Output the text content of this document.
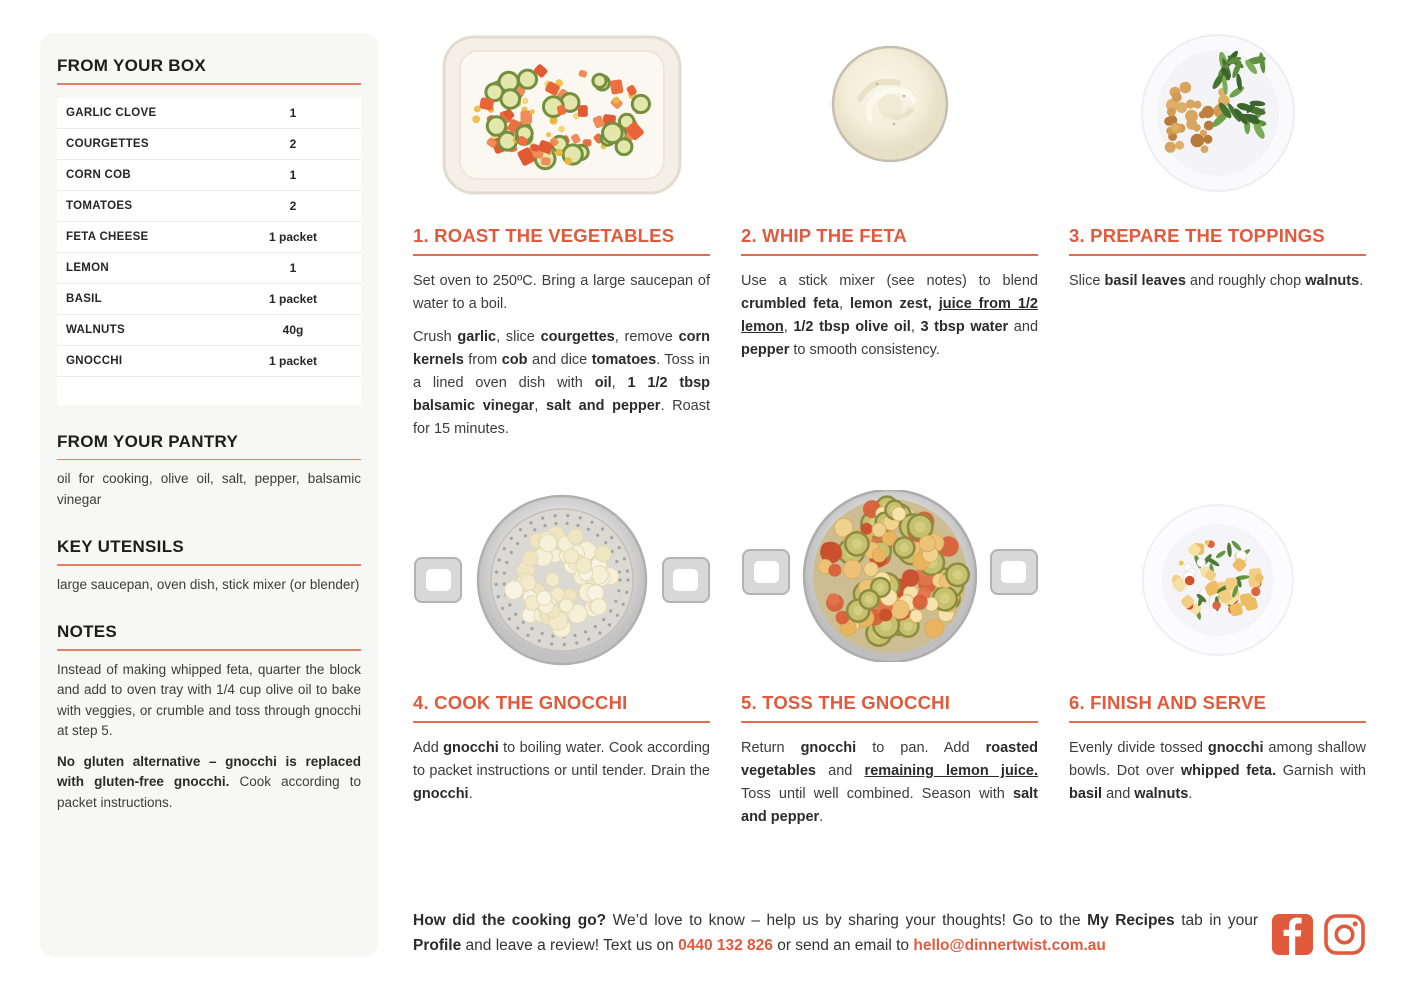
FROM YOUR BOX
GARLIC CLOVE	1
COURGETTES	2
CORN COB	1
TOMATOES	2
FETA CHEESE	1 packet
LEMON	1
BASIL	1 packet
WALNUTS	40g
GNOCCHI	1 packet
FROM YOUR PANTRY
oil for cooking, olive oil, salt, pepper, balsamic vinegar
KEY UTENSILS
large saucepan, oven dish, stick mixer (or blender)
NOTES

Instead of making whipped feta, quarter the block and add to oven tray with 1/4 cup olive oil to bake with veggies, or crumble and toss through gnocchi at step 5.

No gluten alternative – gnocchi is replaced with gluten-free gnocchi. Cook according to packet instructions.

1. ROAST THE VEGETABLES

Set oven to 250ºC. Bring a large saucepan of water to a boil.

Crush garlic, slice courgettes, remove corn kernels from cob and dice tomatoes. Toss in a lined oven dish with oil, 1 1/2 tbsp balsamic vinegar, salt and pepper. Roast for 15 minutes.

2. WHIP THE FETA

Use a stick mixer (see notes) to blend crumbled feta, lemon zest, juice from 1/2 lemon, 1/2 tbsp olive oil, 3 tbsp water and pepper to smooth consistency.

3. PREPARE THE TOPPINGS

Slice basil leaves and roughly chop walnuts.

4. COOK THE GNOCCHI

Add gnocchi to boiling water. Cook according to packet instructions or until tender. Drain the gnocchi.

5. TOSS THE GNOCCHI

Return gnocchi to pan. Add roasted vegetables and remaining lemon juice. Toss until well combined. Season with salt and pepper.

6. FINISH AND SERVE

Evenly divide tossed gnocchi among shallow bowls. Dot over whipped feta. Garnish with basil and walnuts.

How did the cooking go? We’d love to know – help us by sharing your thoughts! Go to the My Recipes tab in your Profile and leave a review! Text us on 0440 132 826 or send an email to hello@dinnertwist.com.au
